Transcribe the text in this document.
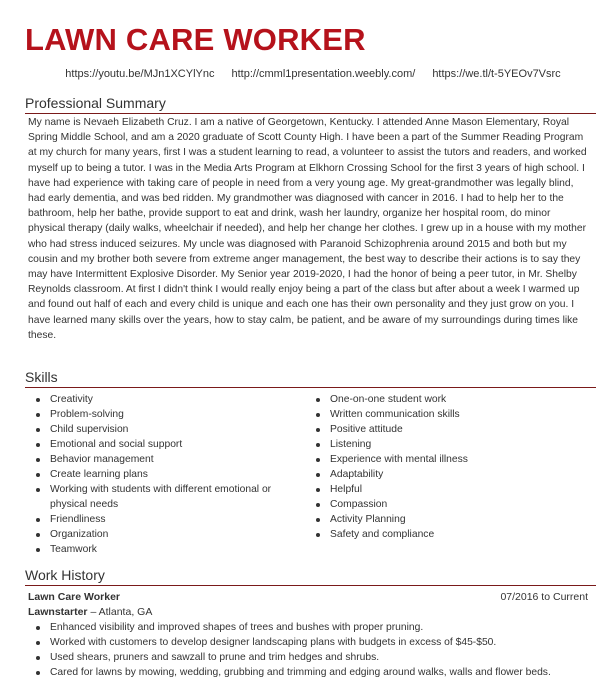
LAWN CARE WORKER
https://youtu.be/MJn1XCYlYnc http://cmml1presentation.weebly.com/ https://we.tl/t-5YEOv7Vsrc
Professional Summary

My name is Nevaeh Elizabeth Cruz. I am a native of Georgetown, Kentucky. I attended Anne Mason Elementary, Royal Spring Middle School, and am a 2020 graduate of Scott County High. I have been a part of the Summer Reading Program at my church for many years, first I was a student learning to read, a volunteer to assist the tutors and readers, and worked myself up to being a tutor. I was in the Media Arts Program at Elkhorn Crossing School for the first 3 years of high school. I have had experience with taking care of people in need from a very young age. My great-grandmother was legally blind, had early dementia, and was bed ridden. My grandmother was diagnosed with cancer in 2016. I had to help her to the bathroom, help her bathe, provide support to eat and drink, wash her laundry, organize her hospital room, do minor physical therapy (daily walks, wheelchair if needed), and help her change her clothes. I grew up in a house with my mother who had stress induced seizures. My uncle was diagnosed with Paranoid Schizophrenia around 2015 and both but my cousin and my brother both severe from extreme anger management, the best way to describe their actions is to say they may have Intermittent Explosive Disorder. My Senior year 2019-2020, I had the honor of being a peer tutor, in Mr. Shelby Reynolds classroom. At first I didn't think I would really enjoy being a part of the class but after about a week I warmed up and found out half of each and every child is unique and each one has their own personality and they just grow on you. I have learned many skills over the years, how to stay calm, be patient, and be aware of my surroundings during times like these.

Skills
Creativity
Problem-solving
Child supervision
Emotional and social support
Behavior management
Create learning plans
Working with students with different emotional or physical needs
Friendliness
Organization
Teamwork
One-on-one student work
Written communication skills
Positive attitude
Listening
Experience with mental illness
Adaptability
Helpful
Compassion
Activity Planning
Safety and compliance
Work History
Lawn Care Worker	07/2016 to Current
Lawnstarter – Atlanta, GA
Enhanced visibility and improved shapes of trees and bushes with proper pruning.
Worked with customers to develop designer landscaping plans with budgets in excess of $45-$50.
Used shears, pruners and sawzall to prune and trim hedges and shrubs.
Cared for lawns by mowing, wedding, grubbing and trimming and edging around walks, walls and flower beds.
